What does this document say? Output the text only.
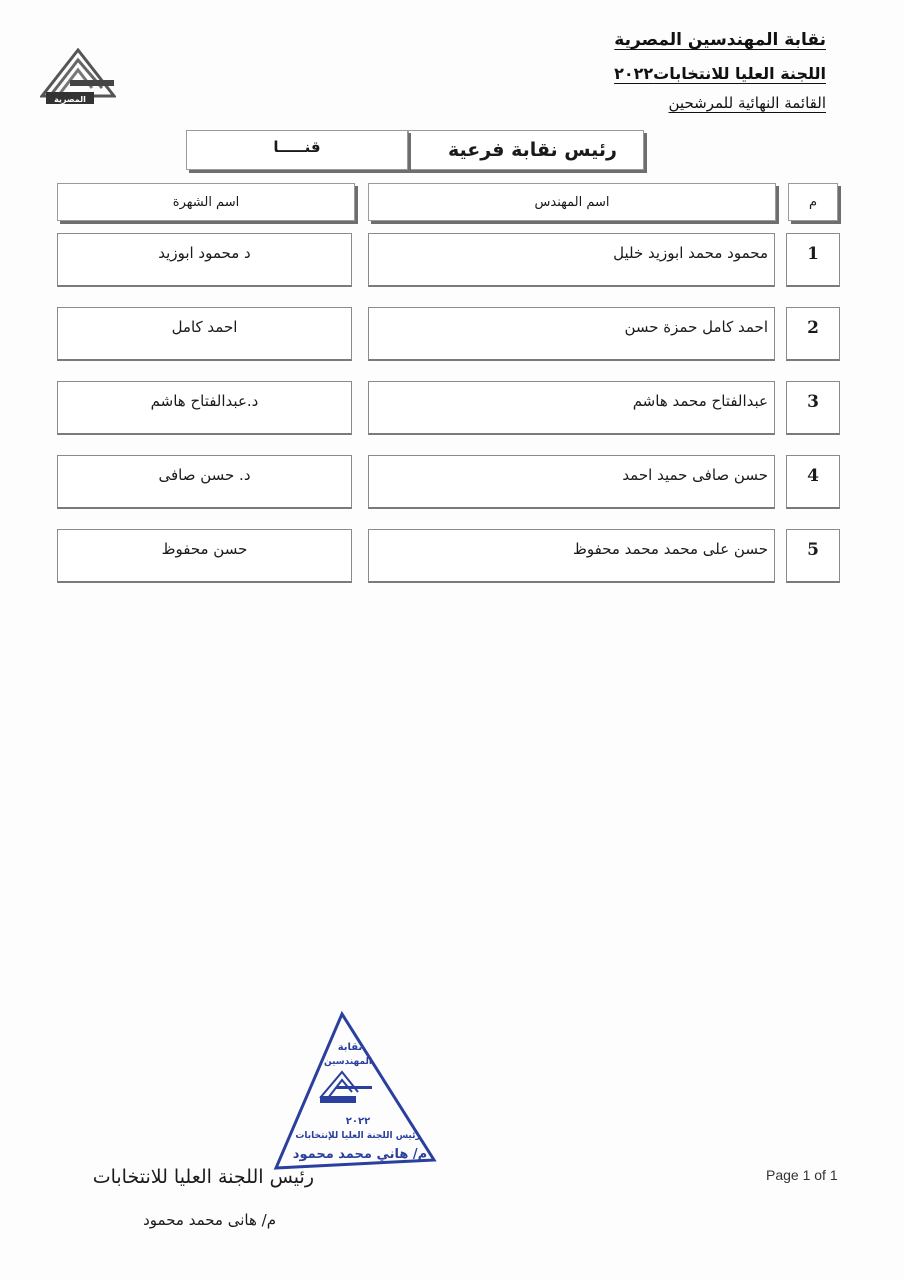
نقابة المهندسين المصرية
اللجنة العليا للانتخابات٢٠٢٢
القائمة النهائية للمرشحين
المصرية
رئيس نقابة فرعية
قنـــــا
م
اسم المهندس
اسم الشهرة
1
محمود محمد ابوزيد خليل
د محمود ابوزيد
2
احمد كامل حمزة حسن
احمد كامل
3
عبدالفتاح محمد هاشم
د.عبدالفتاح هاشم
4
حسن صافى حميد احمد
د. حسن صافى
5
حسن على محمد محمد محفوظ
حسن محفوظ
نقابة
المهندسين
٢٠٢٢
رئيس اللجنة العليا للإنتخابات
م/ هاني محمد محمود
رئيس اللجنة العليا للانتخابات
م/ هانى محمد محمود
Page 1 of 1
